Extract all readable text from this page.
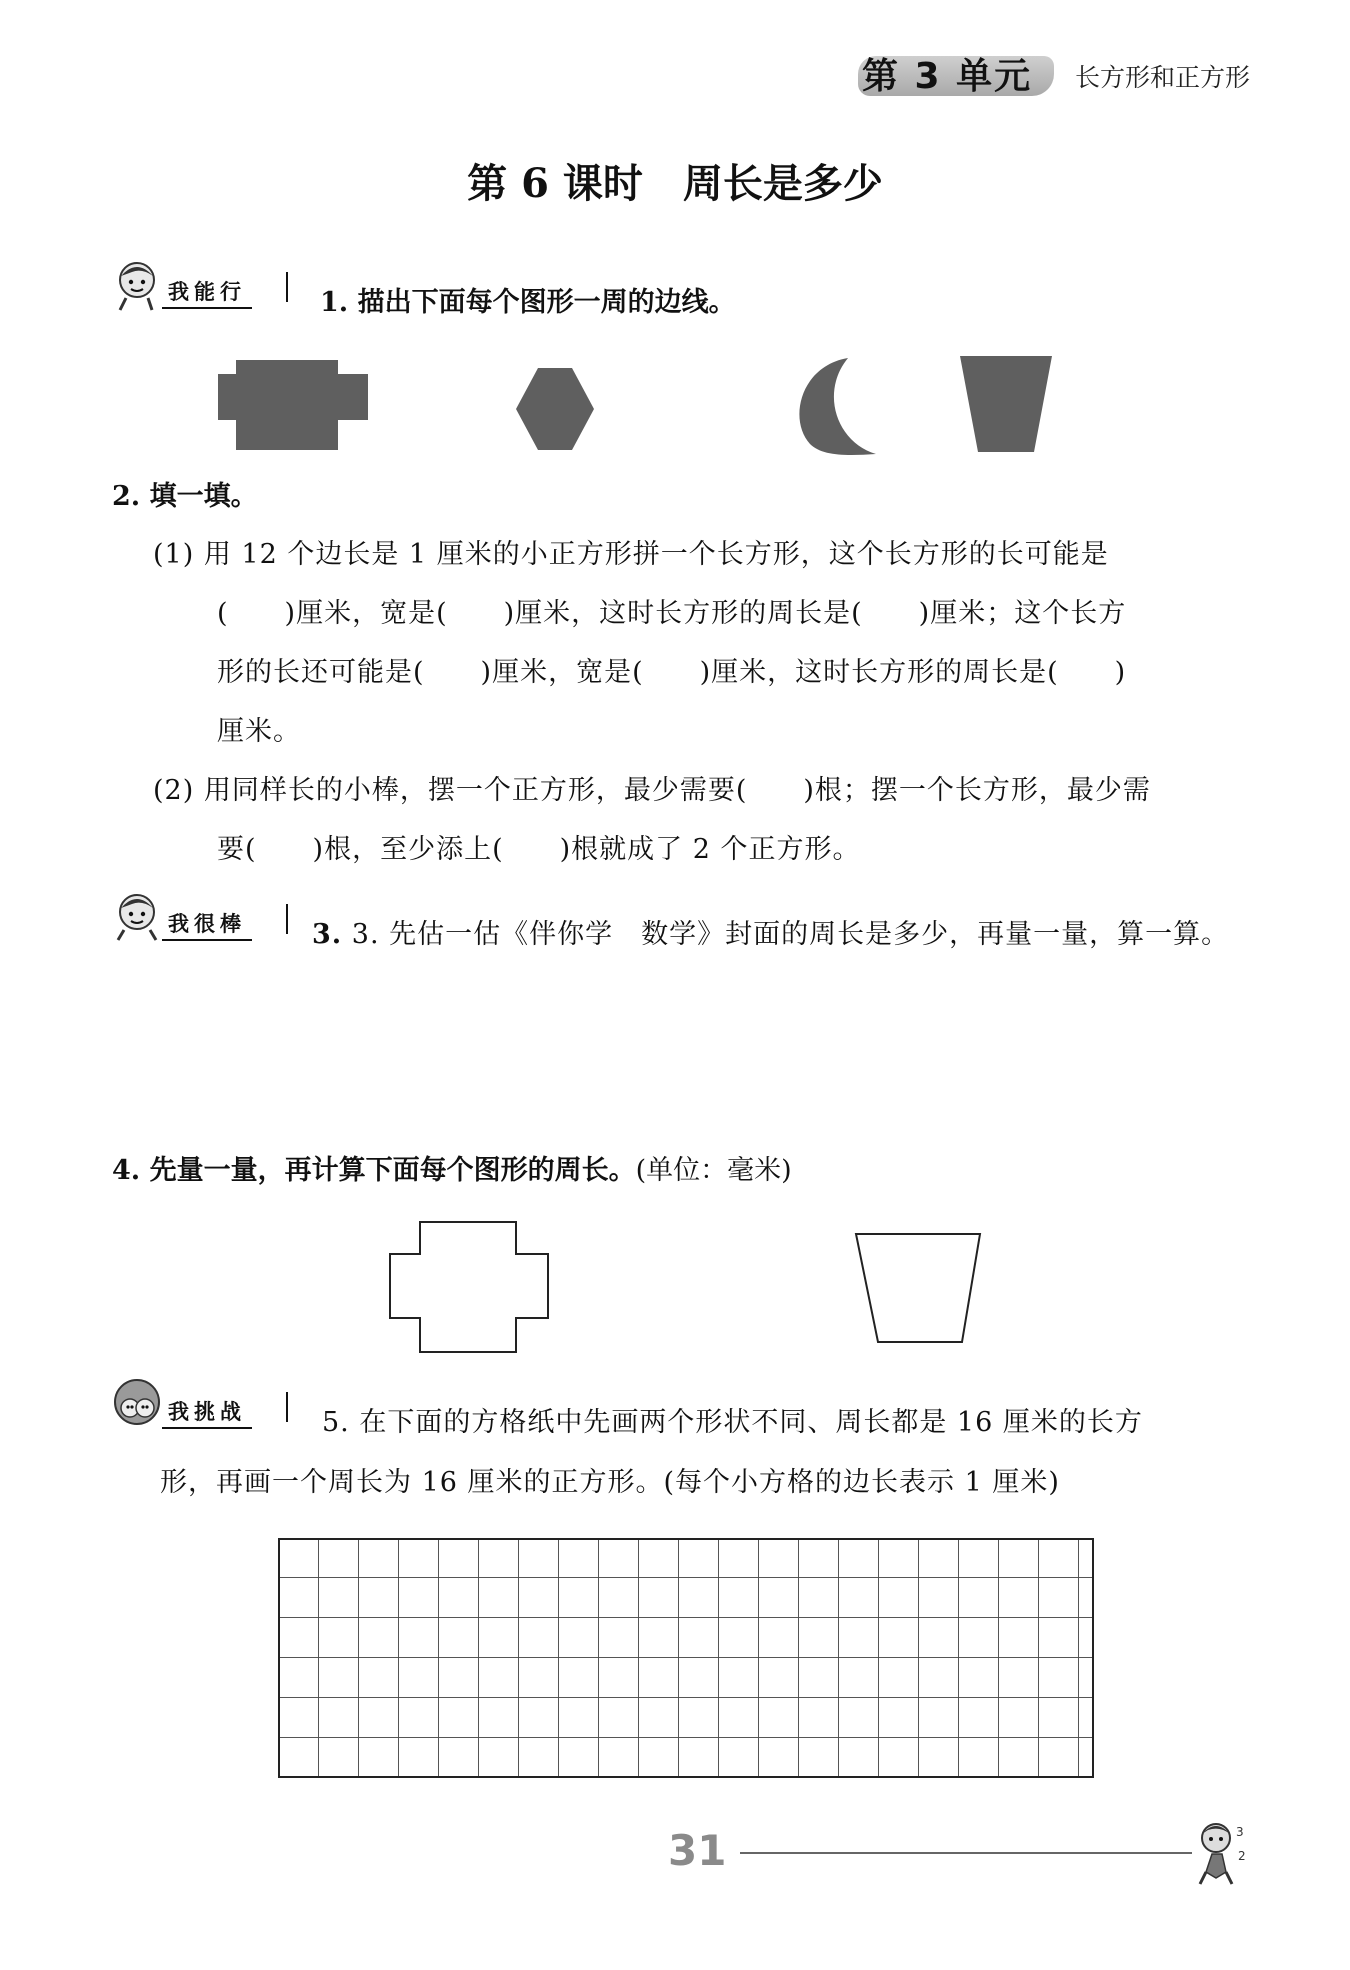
第 3 单元 长方形和正方形
第 6 课时　周长是多少
我能行	1. 描出下面每个图形一周的边线。
2. 填一填。
(1) 用 12 个边长是 1 厘米的小正方形拼一个长方形，这个长方形的长可能是
(　　)厘米，宽是(　　)厘米，这时长方形的周长是(　　)厘米；这个长方
形的长还可能是(　　)厘米，宽是(　　)厘米，这时长方形的周长是(　　)
厘米。
(2) 用同样长的小棒，摆一个正方形，最少需要(　　)根；摆一个长方形，最少需
要(　　)根，至少添上(　　)根就成了 2 个正方形。
我很棒 3. 3. 先估一估《伴你学　数学》封面的周长是多少，再量一量，算一算。
4. 先量一量，再计算下面每个图形的周长。(单位：毫米)
我挑战	5. 在下面的方格纸中先画两个形状不同、周长都是 16 厘米的长方
形，再画一个周长为 16 厘米的正方形。(每个小方格的边长表示 1 厘米)
31	3
2
